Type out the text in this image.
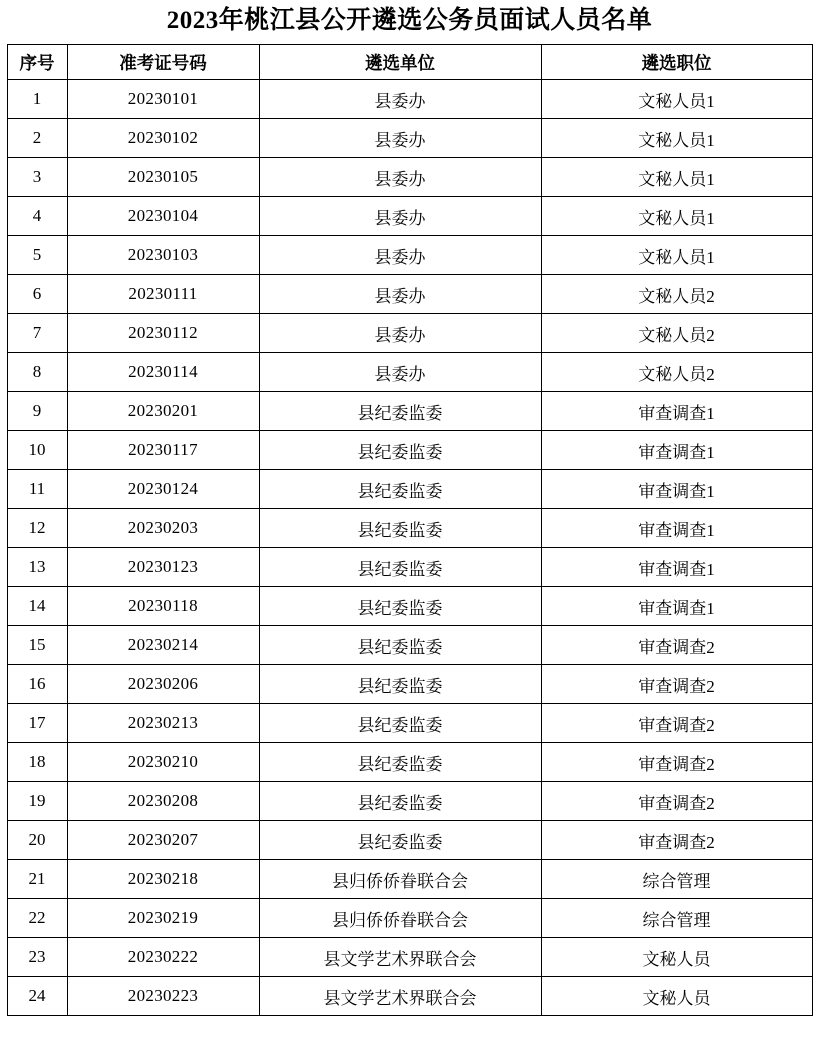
2023年桃江县公开遴选公务员面试人员名单
序号	准考证号码	遴选单位	遴选职位
1	20230101	县委办	文秘人员1
2	20230102	县委办	文秘人员1
3	20230105	县委办	文秘人员1
4	20230104	县委办	文秘人员1
5	20230103	县委办	文秘人员1
6	20230111	县委办	文秘人员2
7	20230112	县委办	文秘人员2
8	20230114	县委办	文秘人员2
9	20230201	县纪委监委	审查调查1
10	20230117	县纪委监委	审查调查1
11	20230124	县纪委监委	审查调查1
12	20230203	县纪委监委	审查调查1
13	20230123	县纪委监委	审查调查1
14	20230118	县纪委监委	审查调查1
15	20230214	县纪委监委	审查调查2
16	20230206	县纪委监委	审查调查2
17	20230213	县纪委监委	审查调查2
18	20230210	县纪委监委	审查调查2
19	20230208	县纪委监委	审查调查2
20	20230207	县纪委监委	审查调查2
21	20230218	县归侨侨眷联合会	综合管理
22	20230219	县归侨侨眷联合会	综合管理
23	20230222	县文学艺术界联合会	文秘人员
24	20230223	县文学艺术界联合会	文秘人员
